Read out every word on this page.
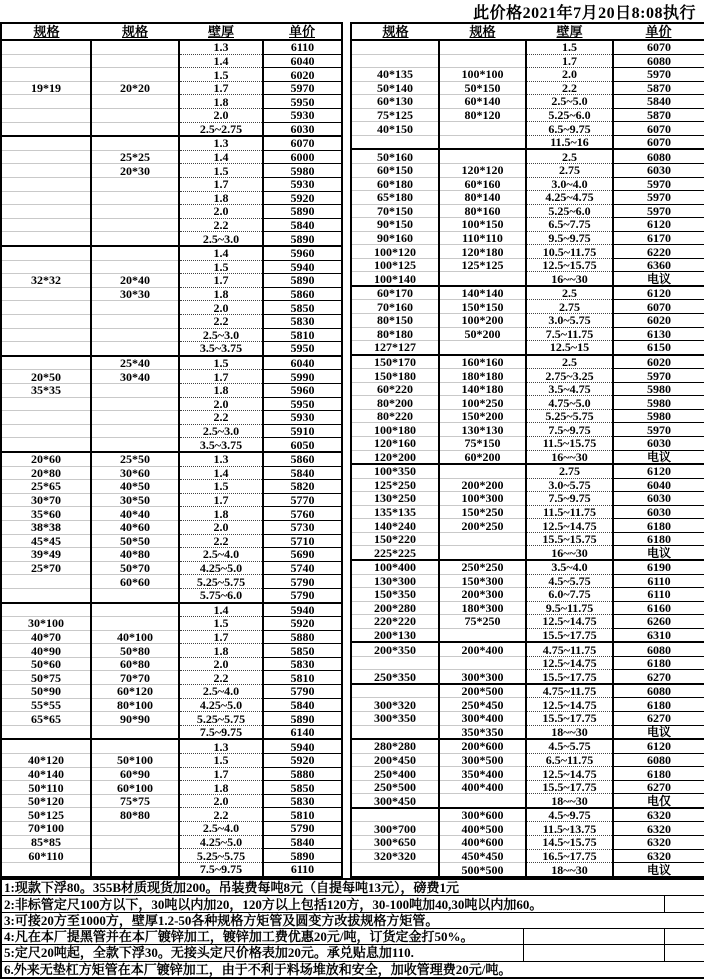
此价格2021年7月20日8:08执行
规格	规格	壁厚	单价
		1.3	6110
		1.4	6040
		1.5	6020
19*19	20*20	1.7	5970
		1.8	5950
		2.0	5930
		2.5~2.75	6030
		1.3	6070
	25*25	1.4	6000
	20*30	1.5	5980
		1.7	5930
		1.8	5920
		2.0	5890
		2.2	5840
		2.5~3.0	5890
		1.4	5960
		1.5	5940
32*32	20*40	1.7	5890
	30*30	1.8	5860
		2.0	5850
		2.2	5830
		2.5~3.0	5810
		3.5~3.75	5950
	25*40	1.5	6040
20*50	30*40	1.7	5990
35*35		1.8	5960
		2.0	5950
		2.2	5930
		2.5~3.0	5910
		3.5~3.75	6050
20*60	25*50	1.3	5860
20*80	30*60	1.4	5840
25*65	40*50	1.5	5820
30*70	30*50	1.7	5770
35*60	40*40	1.8	5760
38*38	40*60	2.0	5730
45*45	50*50	2.2	5710
39*49	40*80	2.5~4.0	5690
25*70	50*70	4.25~5.0	5740
	60*60	5.25~5.75	5790
		5.75~6.0	5790
		1.4	5940
30*100		1.5	5920
40*70	40*100	1.7	5880
40*90	50*80	1.8	5850
50*60	60*80	2.0	5830
50*75	70*70	2.2	5810
50*90	60*120	2.5~4.0	5790
55*55	80*100	4.25~5.0	5840
65*65	90*90	5.25~5.75	5890
		7.5~9.75	6140
		1.3	5940
40*120	50*100	1.5	5920
40*140	60*90	1.7	5880
50*110	60*100	1.8	5850
50*120	75*75	2.0	5830
50*125	80*80	2.2	5810
70*100		2.5~4.0	5790
85*85		4.25~5.0	5840
60*110		5.25~5.75	5890
		7.5~9.75	6110
规格	规格	壁厚	单价
		1.5	6070
		1.7	6080
40*135	100*100	2.0	5970
50*140	50*150	2.2	5870
60*130	60*140	2.5~5.0	5840
75*125	80*120	5.25~6.0	5870
40*150		6.5~9.75	6070
		11.5~16	6070
50*160		2.5	6080
60*150	120*120	2.75	6030
60*180	60*160	3.0~4.0	5970
65*180	80*140	4.25~4.75	5970
70*150	80*160	5.25~6.0	5970
90*150	100*150	6.5~7.75	6120
90*160	110*110	9.5~9.75	6170
100*120	120*180	10.5~11.75	6220
100*125	125*125	12.5~15.75	6360
100*140		16~~30	电议
60*170	140*140	2.5	6120
70*160	150*150	2.75	6070
80*150	100*200	3.0~5.75	6020
80*180	50*200	7.5~11.75	6130
127*127		12.5~15	6150
150*170	160*160	2.5	6020
150*180	180*180	2.75~3.25	5970
60*220	140*180	3.5~4.75	5980
80*200	100*250	4.75~5.0	5980
80*220	150*200	5.25~5.75	5980
100*180	130*130	7.5~9.75	5970
120*160	75*150	11.5~15.75	6030
120*200	60*200	16~~30	电议
100*350		2.75	6120
125*250	200*200	3.0~5.75	6040
130*250	100*300	7.5~9.75	6030
135*135	150*250	11.5~11.75	6030
140*240	200*250	12.5~14.75	6180
150*220		15.5~15.75	6180
225*225		16~~30	电议
100*400	250*250	3.5~4.0	6190
130*300	150*300	4.5~5.75	6110
150*350	200*300	6.0~7.75	6110
200*280	180*300	9.5~11.75	6160
220*220	75*250	12.5~14.75	6260
200*130		15.5~17.75	6310
200*350	200*400	4.75~11.75	6080
		12.5~14.75	6180
250*350	300*300	15.5~17.75	6270
	200*500	4.75~11.75	6080
300*320	250*450	12.5~14.75	6180
300*350	300*400	15.5~17.75	6270
	350*350	18~~30	电议
280*280	200*600	4.5~5.75	6120
200*450	300*500	6.5~11.75	6080
250*400	350*400	12.5~14.75	6180
250*500	400*400	15.5~17.75	6270
300*450		18~~30	电仅
	300*600	4.5~9.75	6320
300*700	400*500	11.5~13.75	6320
300*650	400*600	14.5~15.75	6320
320*320	450*450	16.5~17.75	6320
	500*500	18~~30	电议
1:现款下浮80。355B材质现货加200。吊装费每吨8元（自提每吨13元），磅费1元		
2:非标管定尺100方以下，30吨以内加20，120方以上包括120方，30-100吨加40,30吨以内加60。		
3:可接20方至1000方，壁厚1.2-50各种规格方矩管及圆变方改拔规格方矩管。		
4:凡在本厂提黑管并在本厂镀锌加工，镀锌加工费优惠20元/吨，订货定金打50%。		
5:定尺20吨起，全款下浮30。无接头定尺价格表加20元。承兑贴息加110.		
6.外来无垫杠方矩管在本厂镀锌加工，由于不利于料场堆放和安全，加收管理费20元/吨。		
